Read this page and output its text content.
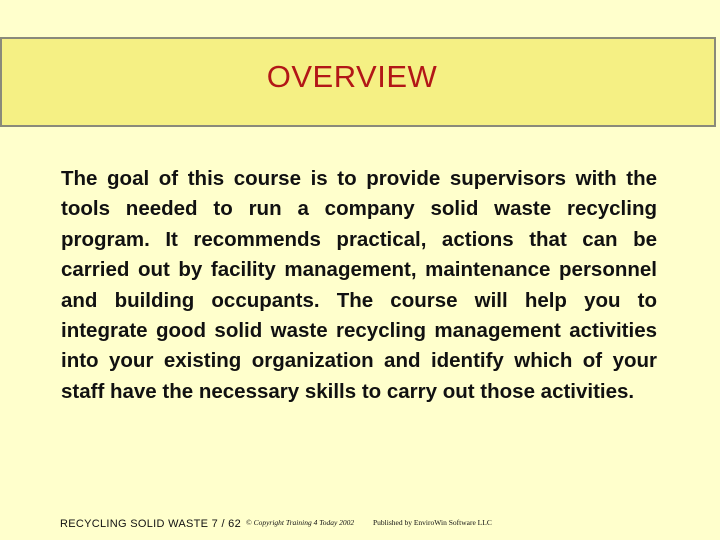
OVERVIEW

The goal of this course is to provide supervisors with the tools needed to run a company solid waste recycling program. It recommends practical, actions that can be carried out by facility management, maintenance personnel and building occupants. The course will help you to integrate good solid waste recycling management activities into your existing organization and identify which of your staff have the necessary skills to carry out those activities.

RECYCLING SOLID WASTE 7 / 62 © Copyright Training 4 Today 2002	Published by EnviroWin Software LLC
